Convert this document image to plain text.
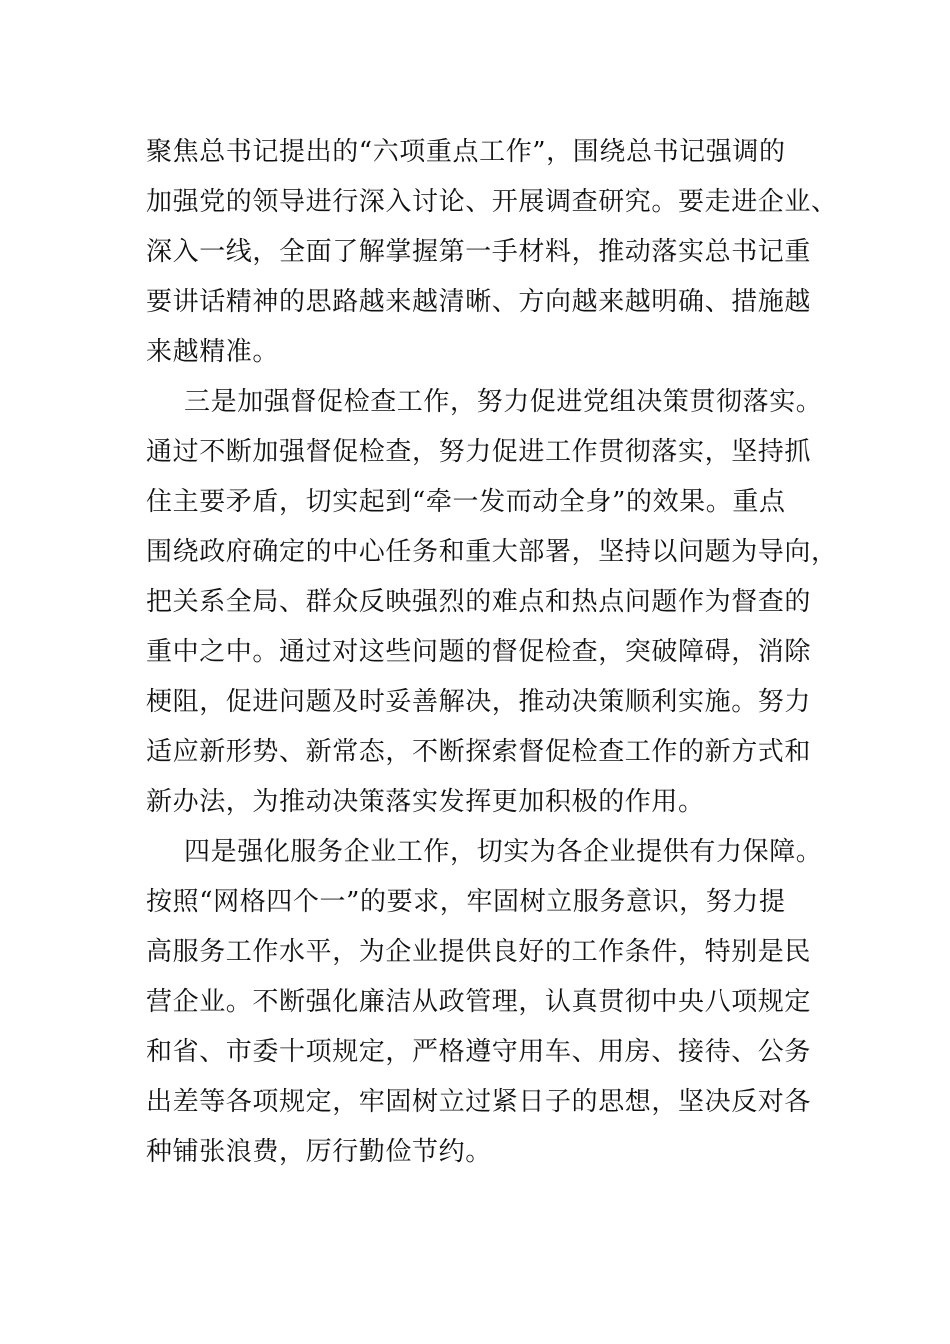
聚焦总书记提出的“六项重点工作”，围绕总书记强调的
加强党的领导进行深入讨论、开展调查研究。要走进企业、
深入一线，全面了解掌握第一手材料，推动落实总书记重
要讲话精神的思路越来越清晰、方向越来越明确、措施越
来越精准。
三是加强督促检查工作，努力促进党组决策贯彻落实。
通过不断加强督促检查，努力促进工作贯彻落实，坚持抓
住主要矛盾，切实起到“牵一发而动全身”的效果。重点
围绕政府确定的中心任务和重大部署，坚持以问题为导向，
把关系全局、群众反映强烈的难点和热点问题作为督查的
重中之中。通过对这些问题的督促检查，突破障碍，消除
梗阻，促进问题及时妥善解决，推动决策顺利实施。努力
适应新形势、新常态，不断探索督促检查工作的新方式和
新办法，为推动决策落实发挥更加积极的作用。
四是强化服务企业工作，切实为各企业提供有力保障。
按照“网格四个一”的要求，牢固树立服务意识，努力提
高服务工作水平，为企业提供良好的工作条件，特别是民
营企业。不断强化廉洁从政管理，认真贯彻中央八项规定
和省、市委十项规定，严格遵守用车、用房、接待、公务
出差等各项规定，牢固树立过紧日子的思想，坚决反对各
种铺张浪费，厉行勤俭节约。
